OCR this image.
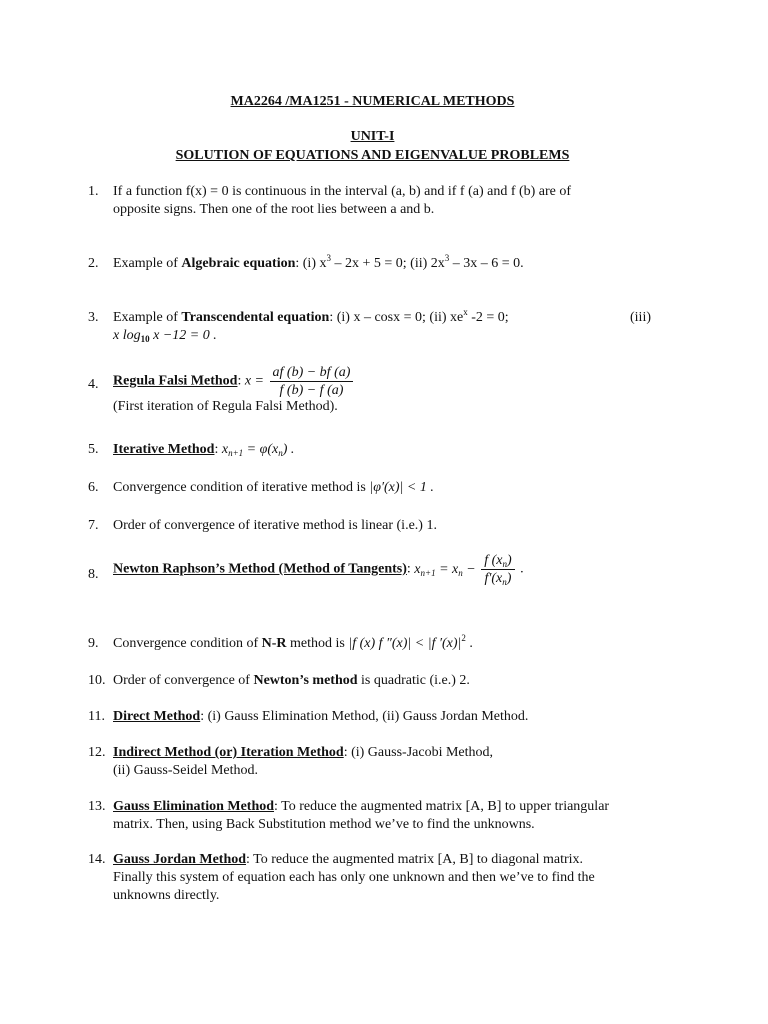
MA2264 /MA1251 - NUMERICAL METHODS
UNIT-I
SOLUTION OF EQUATIONS AND EIGENVALUE PROBLEMS
1.	If a function f(x) = 0 is continuous in the interval (a, b) and if f (a) and f (b) are of
opposite signs. Then one of the root lies between a and b.
2.	Example of Algebraic equation: (i) $x^3 - 2x + 5 = 0$; (ii) $2x^3 - 3x - 6 = 0$.
3.	Example of Transcendental equation: (i) x – cosx = 0; (ii) $xe^x$ -2 = 0;	(iii)
x $\log_{10} x -12 = 0$ .
4.	Regula Falsi Method: $x = \frac{af (b) - bf (a)}{f (b) - f (a)}$
(First iteration of Regula Falsi Method).
5.	Iterative Method: $x_{n+1} = \varphi(x_n)$ .
6.	Convergence condition of iterative method is |φ′(x)| < 1 .
7.	Order of convergence of iterative method is linear (i.e.) 1.
8.	Newton Raphson’s Method (Method of Tangents): $x_{n+1} = x_n - \frac{f (x_n)}{f'(x_n)}$ .
9.	Convergence condition of N-R method is |f (x) f ″(x)| < |f $'(x)|^2$ .
10. Order of convergence of Newton’s method is quadratic (i.e.) 2.
11. Direct Method: (i) Gauss Elimination Method, (ii) Gauss Jordan Method.
12. Indirect Method (or) Iteration Method: (i) Gauss-Jacobi Method,
(ii) Gauss-Seidel Method.
13. Gauss Elimination Method: To reduce the augmented matrix [A, B] to upper triangular
matrix. Then, using Back Substitution method we’ve to find the unknowns.
14. Gauss Jordan Method: To reduce the augmented matrix [A, B] to diagonal matrix.
Finally this system of equation each has only one unknown and then we’ve to find the
unknowns directly.
